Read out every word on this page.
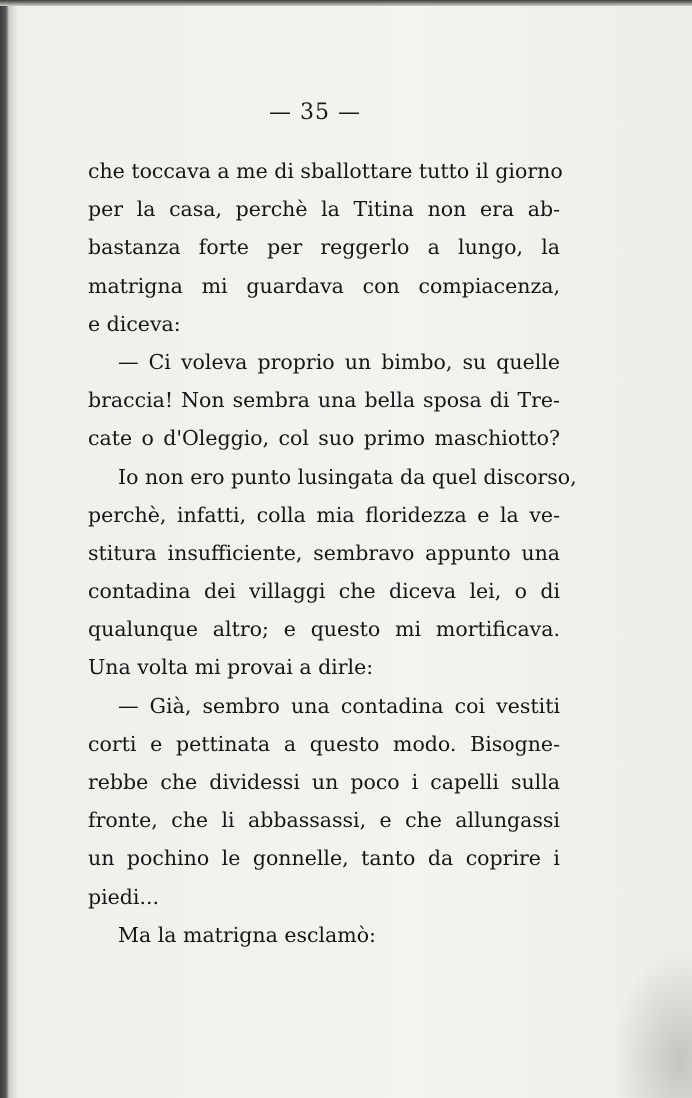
— 35 —
che toccava a me di sballottare tutto il giorno
per la casa, perchè la Titina non era ab-
bastanza forte per reggerlo a lungo, la
matrigna mi guardava con compiacenza,
e diceva:
— Ci voleva proprio un bimbo, su quelle
braccia! Non sembra una bella sposa di Tre-
cate o d'Oleggio, col suo primo maschiotto?
Io non ero punto lusingata da quel discorso,
perchè, infatti, colla mia floridezza e la ve-
stitura insufficiente, sembravo appunto una
contadina dei villaggi che diceva lei, o di
qualunque altro; e questo mi mortificava.
Una volta mi provai a dirle:
— Già, sembro una contadina coi vestiti
corti e pettinata a questo modo. Bisogne-
rebbe che dividessi un poco i capelli sulla
fronte, che li abbassassi, e che allungassi
un pochino le gonnelle, tanto da coprire i
piedi...
Ma la matrigna esclamò:
